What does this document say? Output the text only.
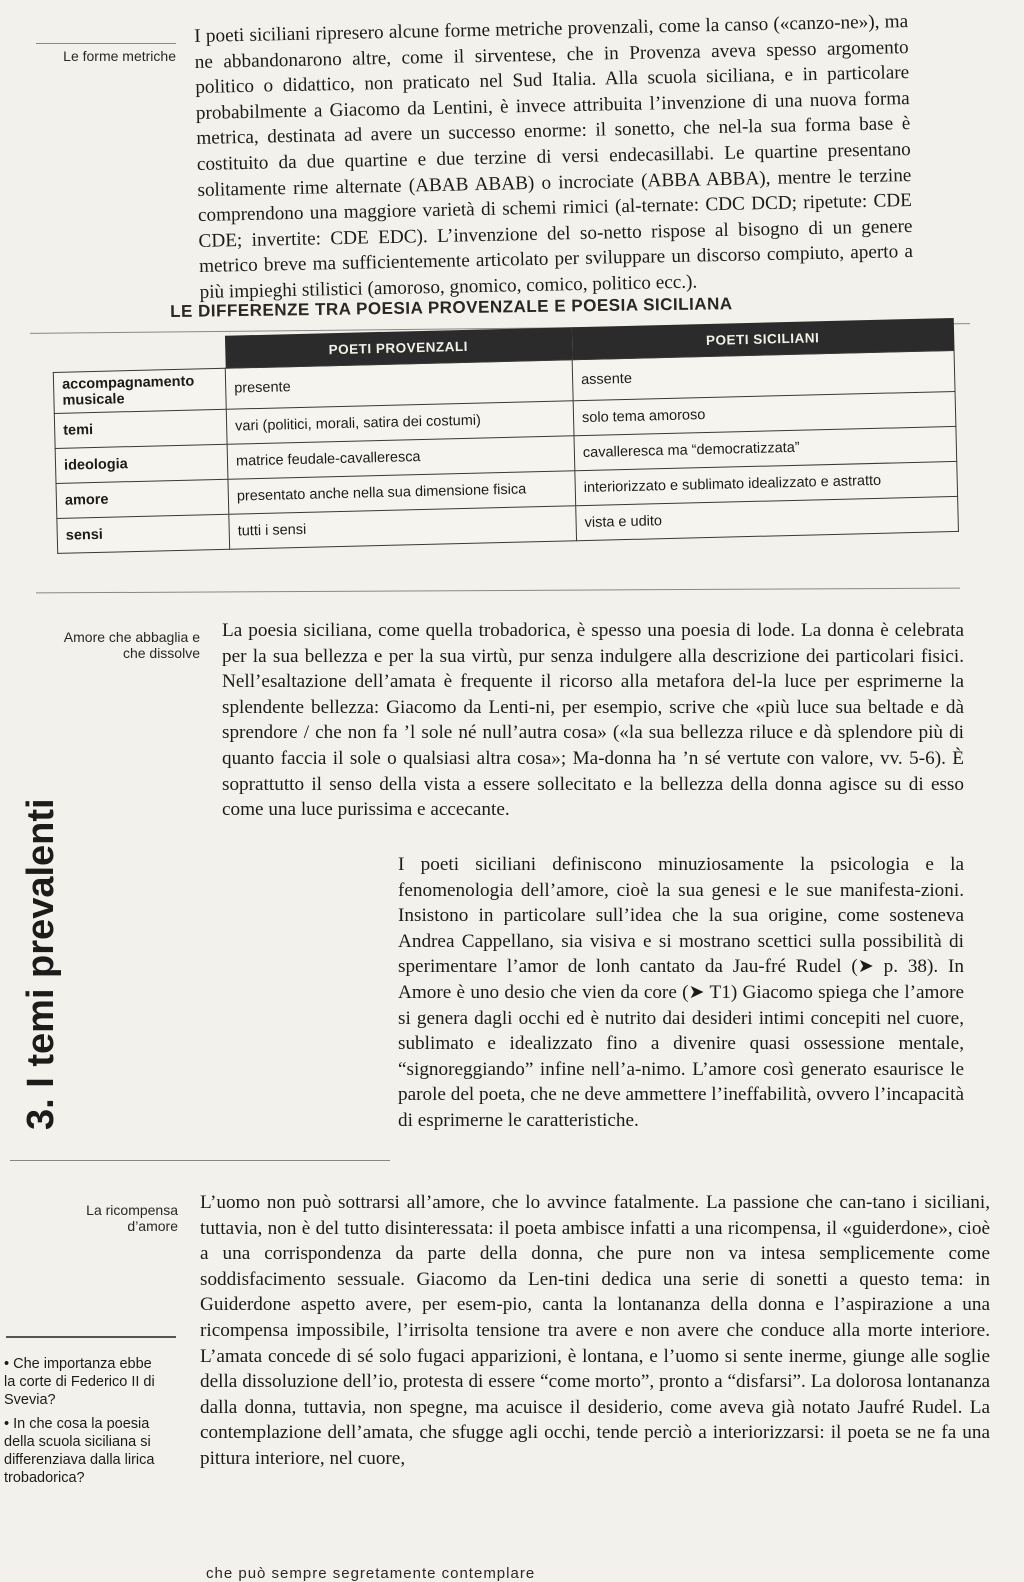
Le forme metriche
I poeti siciliani ripresero alcune forme metriche provenzali, come la canso («canzo-ne»), ma ne abbandonarono altre, come il sirventese, che in Provenza aveva spesso argomento politico o didattico, non praticato nel Sud Italia. Alla scuola siciliana, e in particolare probabilmente a Giacomo da Lentini, è invece attribuita l’invenzione di una nuova forma metrica, destinata ad avere un successo enorme: il sonetto, che nel-la sua forma base è costituito da due quartine e due terzine di versi endecasillabi. Le quartine presentano solitamente rime alternate (ABAB ABAB) o incrociate (ABBA ABBA), mentre le terzine comprendono una maggiore varietà di schemi rimici (al-ternate: CDC DCD; ripetute: CDE CDE; invertite: CDE EDC). L’invenzione del so-netto rispose al bisogno di un genere metrico breve ma sufficientemente articolato per sviluppare un discorso compiuto, aperto a più impieghi stilistici (amoroso, gnomico, comico, politico ecc.).
LE DIFFERENZE TRA POESIA PROVENZALE E POESIA SICILIANA
	POETI PROVENZALI	POETI SICILIANI
accompagnamento musicale	presente	assente
temi	vari (politici, morali, satira dei costumi)	solo tema amoroso
ideologia	matrice feudale-cavalleresca	cavalleresca ma “democratizzata”
amore	presentato anche nella sua dimensione fisica	interiorizzato e sublimato idealizzato e astratto
sensi	tutti i sensi	vista e udito
3. I temi prevalenti
Amore che abbaglia e che dissolve
La poesia siciliana, come quella trobadorica, è spesso una poesia di lode. La donna è celebrata per la sua bellezza e per la sua virtù, pur senza indulgere alla descrizione dei particolari fisici. Nell’esaltazione dell’amata è frequente il ricorso alla metafora del-la luce per esprimerne la splendente bellezza: Giacomo da Lenti-ni, per esempio, scrive che «più luce sua beltade e dà sprendore / che non fa ’l sole né null’autra cosa» («la sua bellezza riluce e dà splendore più di quanto faccia il sole o qualsiasi altra cosa»; Ma-donna ha ’n sé vertute con valore, vv. 5-6). È soprattutto il senso della vista a essere sollecitato e la bellezza della donna agisce su di esso come una luce purissima e accecante.
I poeti siciliani definiscono minuziosamente la psicologia e la fenomenologia dell’amore, cioè la sua genesi e le sue manifesta-zioni. Insistono in particolare sull’idea che la sua origine, come sosteneva Andrea Cappellano, sia visiva e si mostrano scettici sulla possibilità di sperimentare l’amor de lonh cantato da Jau-fré Rudel (➤ p. 38). In Amore è uno desio che vien da core (➤ T1) Giacomo spiega che l’amore si genera dagli occhi ed è nutrito dai desideri intimi concepiti nel cuore, sublimato e idealizzato fino a divenire quasi ossessione mentale, “signoreggiando” infine nell’a-nimo. L’amore così generato esaurisce le parole del poeta, che ne deve ammettere l’ineffabilità, ovvero l’incapacità di esprimerne le caratteristiche.
La ricompensa d’amore
L’uomo non può sottrarsi all’amore, che lo avvince fatalmente. La passione che can-tano i siciliani, tuttavia, non è del tutto disinteressata: il poeta ambisce infatti a una ricompensa, il «guiderdone», cioè a una corrispondenza da parte della donna, che pure non va intesa semplicemente come soddisfacimento sessuale. Giacomo da Len-tini dedica una serie di sonetti a questo tema: in Guiderdone aspetto avere, per esem-pio, canta la lontananza della donna e l’aspirazione a una ricompensa impossibile, l’irrisolta tensione tra avere e non avere che conduce alla morte interiore. L’amata concede di sé solo fugaci apparizioni, è lontana, e l’uomo si sente inerme, giunge alle soglie della dissoluzione dell’io, protesta di essere “come morto”, pronto a “disfarsi”. La dolorosa lontananza dalla donna, tuttavia, non spegne, ma acuisce il desiderio, come aveva già notato Jaufré Rudel. La contemplazione dell’amata, che sfugge agli occhi, tende perciò a interiorizzarsi: il poeta se ne fa una pittura interiore, nel cuore,

• Che importanza ebbe la corte di Federico II di Svevia?

• In che cosa la poesia della scuola siciliana si differenziava dalla lirica trobadorica?

che può sempre segretamente contemplare
